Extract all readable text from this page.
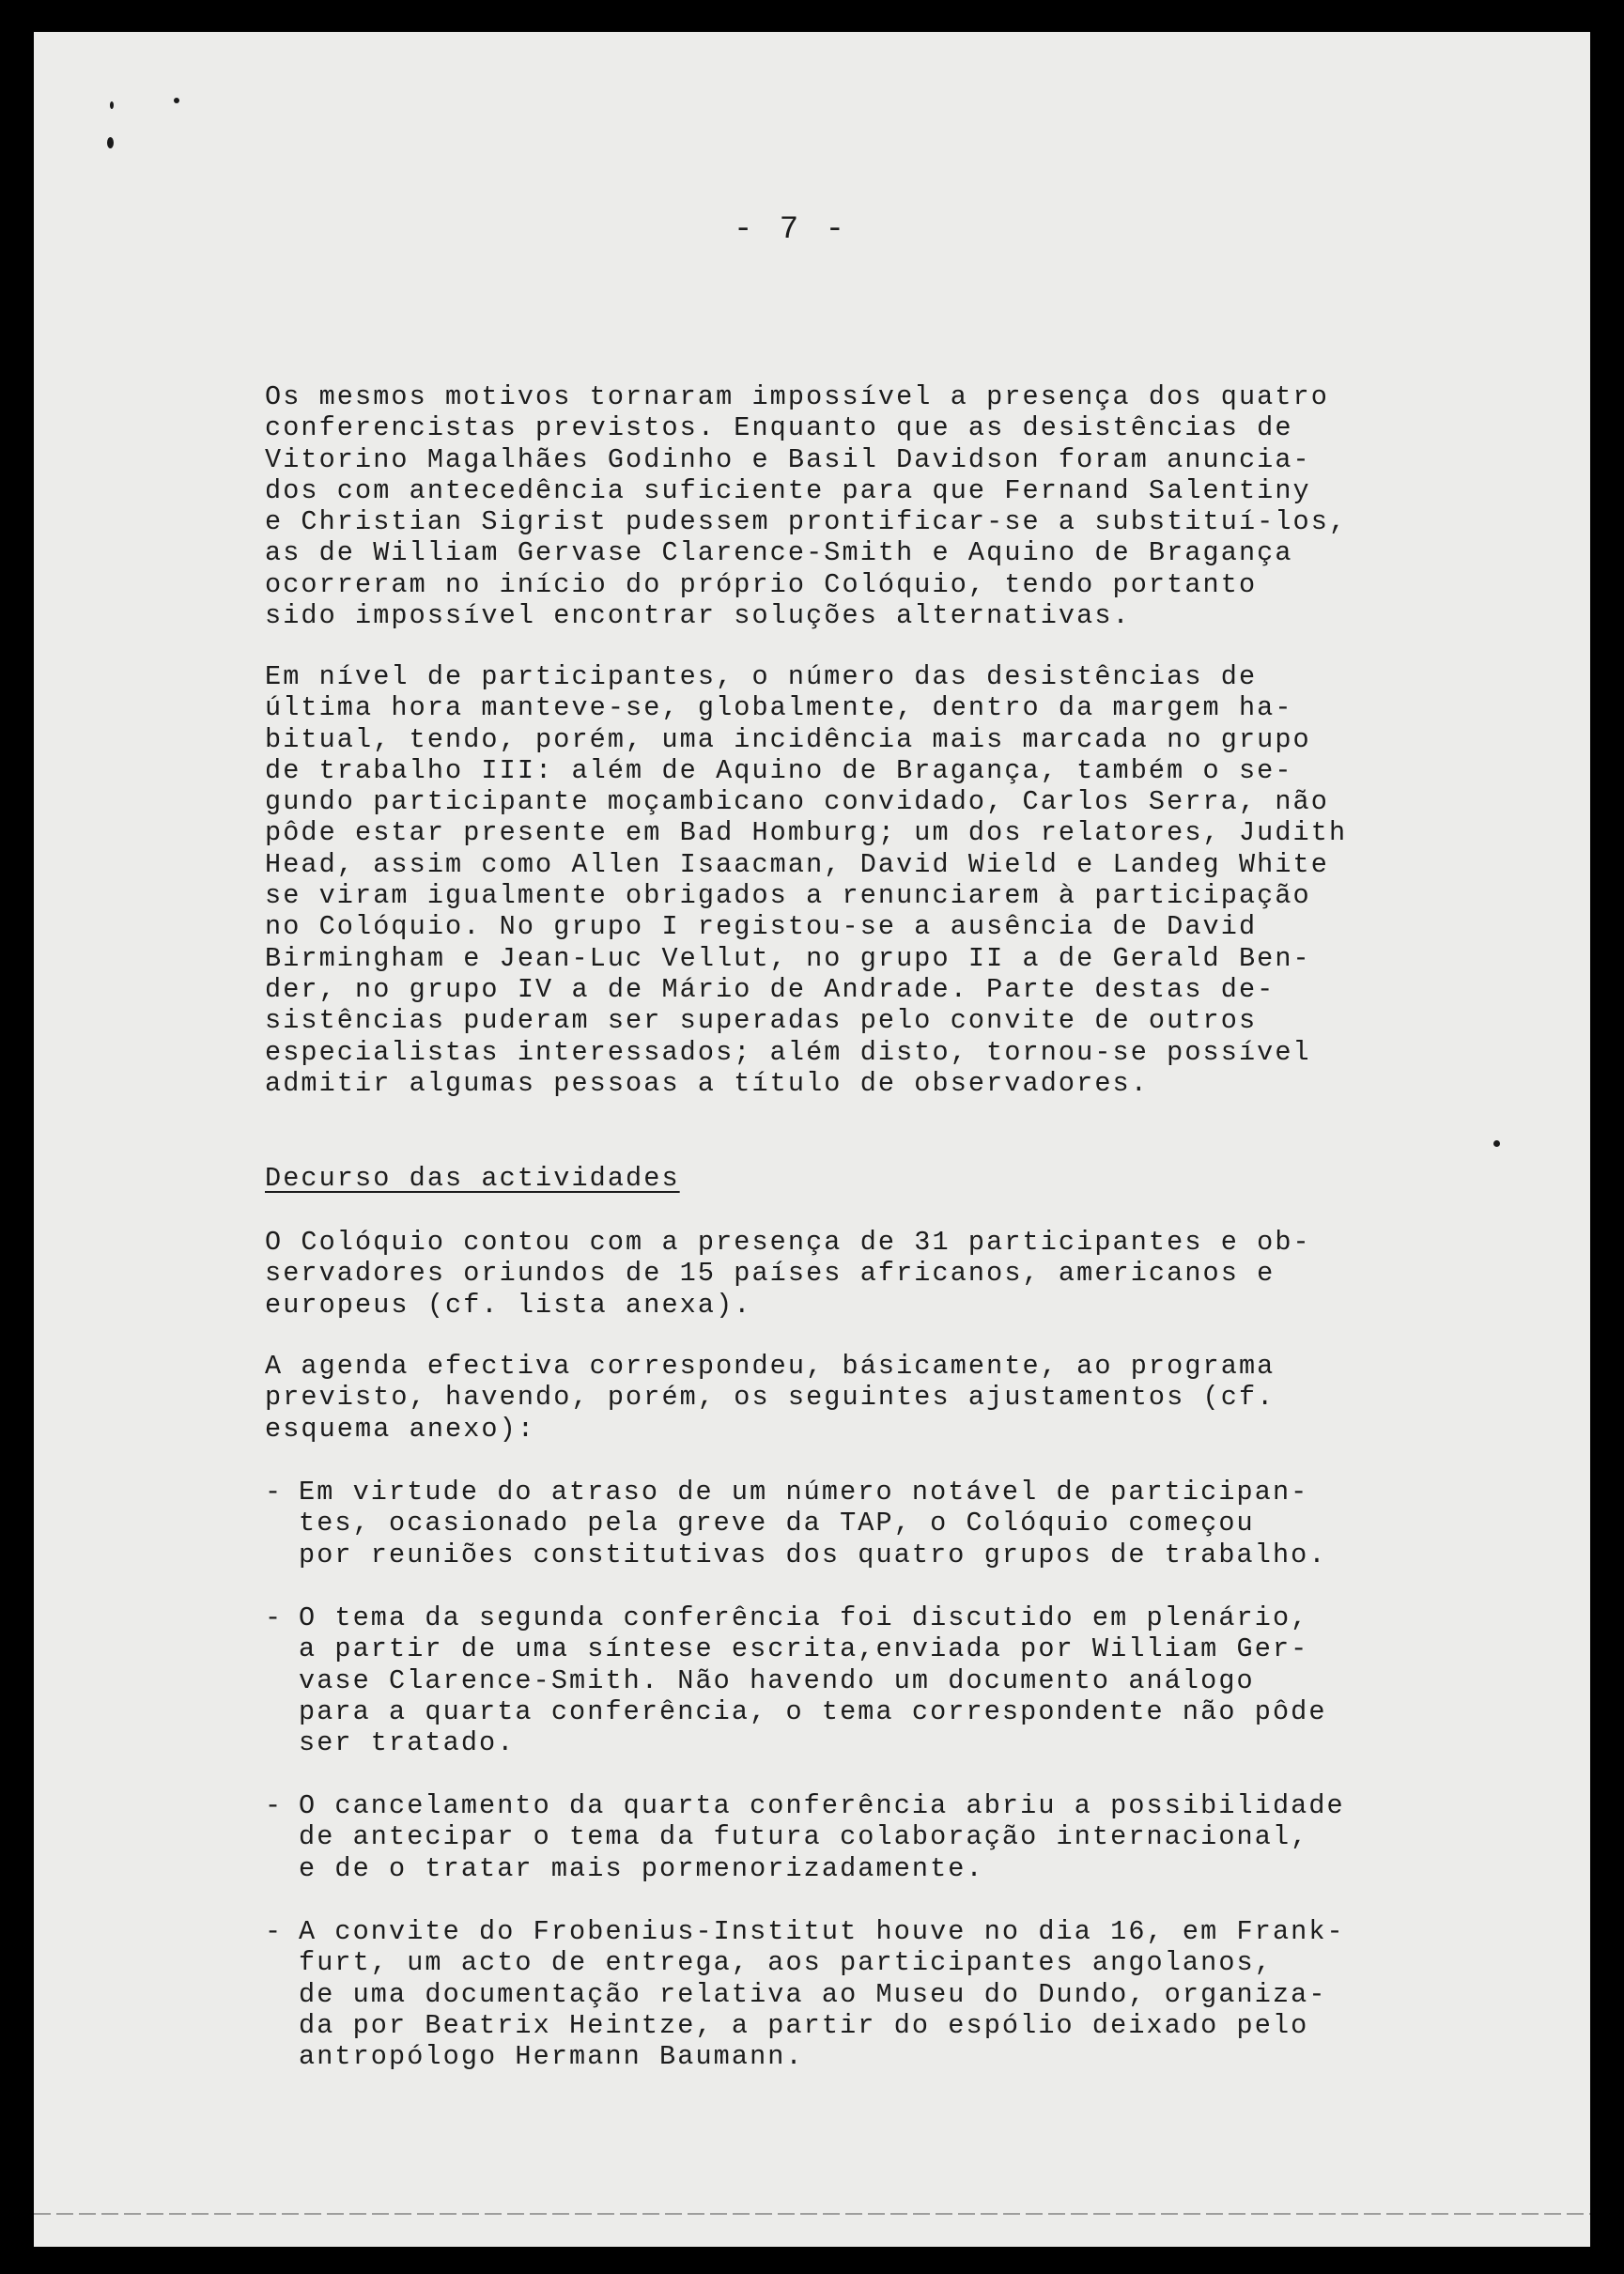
- 7 -

Os mesmos motivos tornaram impossível a presença dos quatro
conferencistas previstos. Enquanto que as desistências de
Vitorino Magalhães Godinho e Basil Davidson foram anuncia-
dos com antecedência suficiente para que Fernand Salentiny
e Christian Sigrist pudessem prontificar-se a substituí-los,
as de William Gervase Clarence-Smith e Aquino de Bragança
ocorreram no início do próprio Colóquio, tendo portanto
sido impossível encontrar soluções alternativas.

Em nível de participantes, o número das desistências de
última hora manteve-se, globalmente, dentro da margem ha-
bitual, tendo, porém, uma incidência mais marcada no grupo
de trabalho III: além de Aquino de Bragança, também o se-
gundo participante moçambicano convidado, Carlos Serra, não
pôde estar presente em Bad Homburg; um dos relatores, Judith
Head, assim como Allen Isaacman, David Wield e Landeg White
se viram igualmente obrigados a renunciarem à participação
no Colóquio. No grupo I registou-se a ausência de David
Birmingham e Jean-Luc Vellut, no grupo II a de Gerald Ben-
der, no grupo IV a de Mário de Andrade. Parte destas de-
sistências puderam ser superadas pelo convite de outros
especialistas interessados; além disto, tornou-se possível
admitir algumas pessoas a título de observadores.

Decurso das actividades

O Colóquio contou com a presença de 31 participantes e ob-
servadores oriundos de 15 países africanos, americanos e
europeus (cf. lista anexa).

A agenda efectiva correspondeu, básicamente, ao programa
previsto, havendo, porém, os seguintes ajustamentos (cf.
esquema anexo):

- Em virtude do atraso de um número notável de participan-
tes, ocasionado pela greve da TAP, o Colóquio começou
por reuniões constitutivas dos quatro grupos de trabalho.
- O tema da segunda conferência foi discutido em plenário,
a partir de uma síntese escrita,enviada por William Ger-
vase Clarence-Smith. Não havendo um documento análogo
para a quarta conferência, o tema correspondente não pôde
ser tratado.
- O cancelamento da quarta conferência abriu a possibilidade
de antecipar o tema da futura colaboração internacional,
e de o tratar mais pormenorizadamente.
- A convite do Frobenius-Institut houve no dia 16, em Frank-
furt, um acto de entrega, aos participantes angolanos,
de uma documentação relativa ao Museu do Dundo, organiza-
da por Beatrix Heintze, a partir do espólio deixado pelo
antropólogo Hermann Baumann.
